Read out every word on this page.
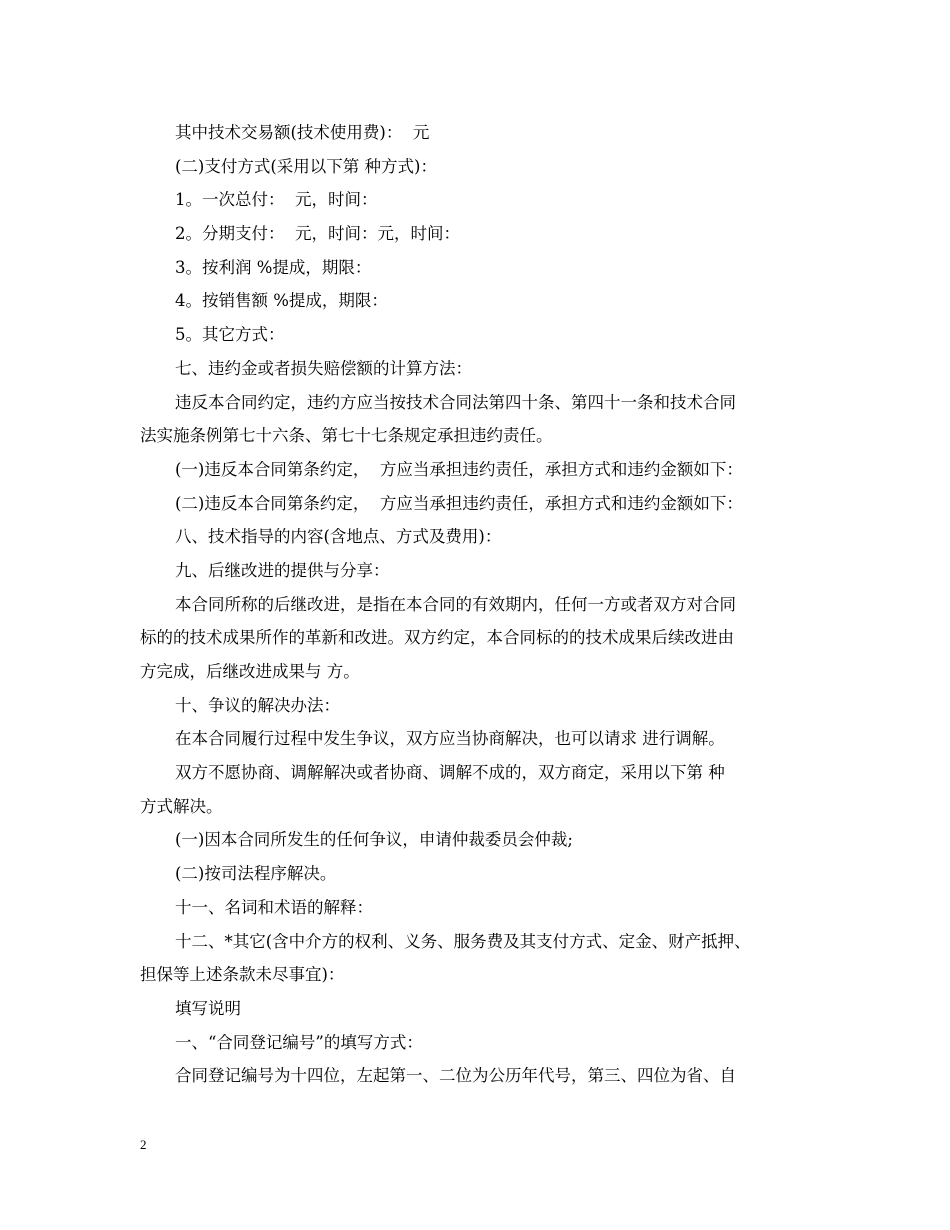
其中技术交易额(技术使用费)：  元
(二)支付方式(采用以下第 种方式)：
1。一次总付：  元，时间：
2。分期支付：  元，时间：元，时间：
3。按利润 %提成，期限：
4。按销售额 %提成，期限：
5。其它方式：
七、违约金或者损失赔偿额的计算方法：
违反本合同约定，违约方应当按技术合同法第四十条、第四十一条和技术合同
法实施条例第七十六条、第七十七条规定承担违约责任。
(一)违反本合同第条约定，  方应当承担违约责任，承担方式和违约金额如下：
(二)违反本合同第条约定，  方应当承担违约责任，承担方式和违约金额如下：
八、技术指导的内容(含地点、方式及费用)：
九、后继改进的提供与分享：
本合同所称的后继改进，是指在本合同的有效期内，任何一方或者双方对合同
标的的技术成果所作的革新和改进。双方约定，本合同标的的技术成果后续改进由
方完成，后继改进成果与 方。
十、争议的解决办法：
在本合同履行过程中发生争议，双方应当协商解决，也可以请求 进行调解。
双方不愿协商、调解解决或者协商、调解不成的，双方商定，采用以下第 种
方式解决。
(一)因本合同所发生的任何争议，申请仲裁委员会仲裁;
(二)按司法程序解决。
十一、名词和术语的解释：
十二、*其它(含中介方的权利、义务、服务费及其支付方式、定金、财产抵押、
担保等上述条款未尽事宜)：
填写说明
一、“合同登记编号”的填写方式：
合同登记编号为十四位，左起第一、二位为公历年代号，第三、四位为省、自
2
